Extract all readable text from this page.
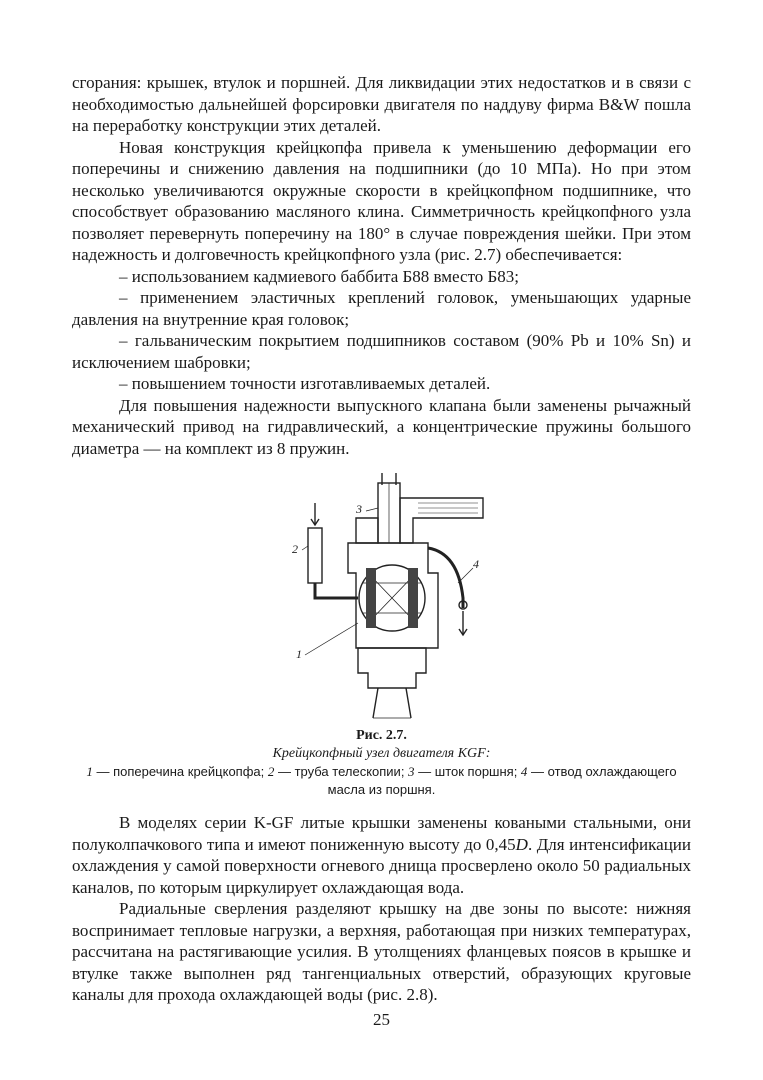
сгорания: крышек, втулок и поршней. Для ликвидации этих недостатков и в связи с необходимостью дальнейшей форсировки двигателя по наддуву фирма B&W пошла на переработку конструкции этих деталей.

Новая конструкция крейцкопфа привела к уменьшению деформации его поперечины и снижению давления на подшипники (до 10 МПа). Но при этом несколько увеличиваются окружные скорости в крейцкопфном подшипнике, что способствует образованию масляного клина. Симметричность крейцкопфного узла позволяет перевернуть поперечину на 180° в случае повреждения шейки. При этом надежность и долговечность крейцкопфного узла (рис. 2.7) обеспечивается:

– использованием кадмиевого баббита Б88 вместо Б83;

– применением эластичных креплений головок, уменьшающих ударные давления на внутренние края головок;

– гальваническим покрытием подшипников составом (90% Pb и 10% Sn) и исключением шабровки;

– повышением точности изготавливаемых деталей.

Для повышения надежности выпускного клапана были заменены рычажный механический привод на гидравлический, а концентрические пружины большого диаметра — на комплект из 8 пружин.

1
2
3
4
Рис. 2.7.
Крейцкопфный узел двигателя KGF:
1 — поперечина крейцкопфа; 2 — труба телескопии; 3 — шток поршня; 4 — отвод охлаждающего масла из поршня.

В моделях серии K-GF литые крышки заменены коваными стальными, они полуколпачкового типа и имеют пониженную высоту до 0,45D. Для интенсификации охлаждения у самой поверхности огневого днища просверлено около 50 радиальных каналов, по которым циркулирует охлаждающая вода.

Радиальные сверления разделяют крышку на две зоны по высоте: нижняя воспринимает тепловые нагрузки, а верхняя, работающая при низких температурах, рассчитана на растягивающие усилия. В утолщениях фланцевых поясов в крышке и втулке также выполнен ряд тангенциальных отверстий, образующих круговые каналы для прохода охлаждающей воды (рис. 2.8).

25
